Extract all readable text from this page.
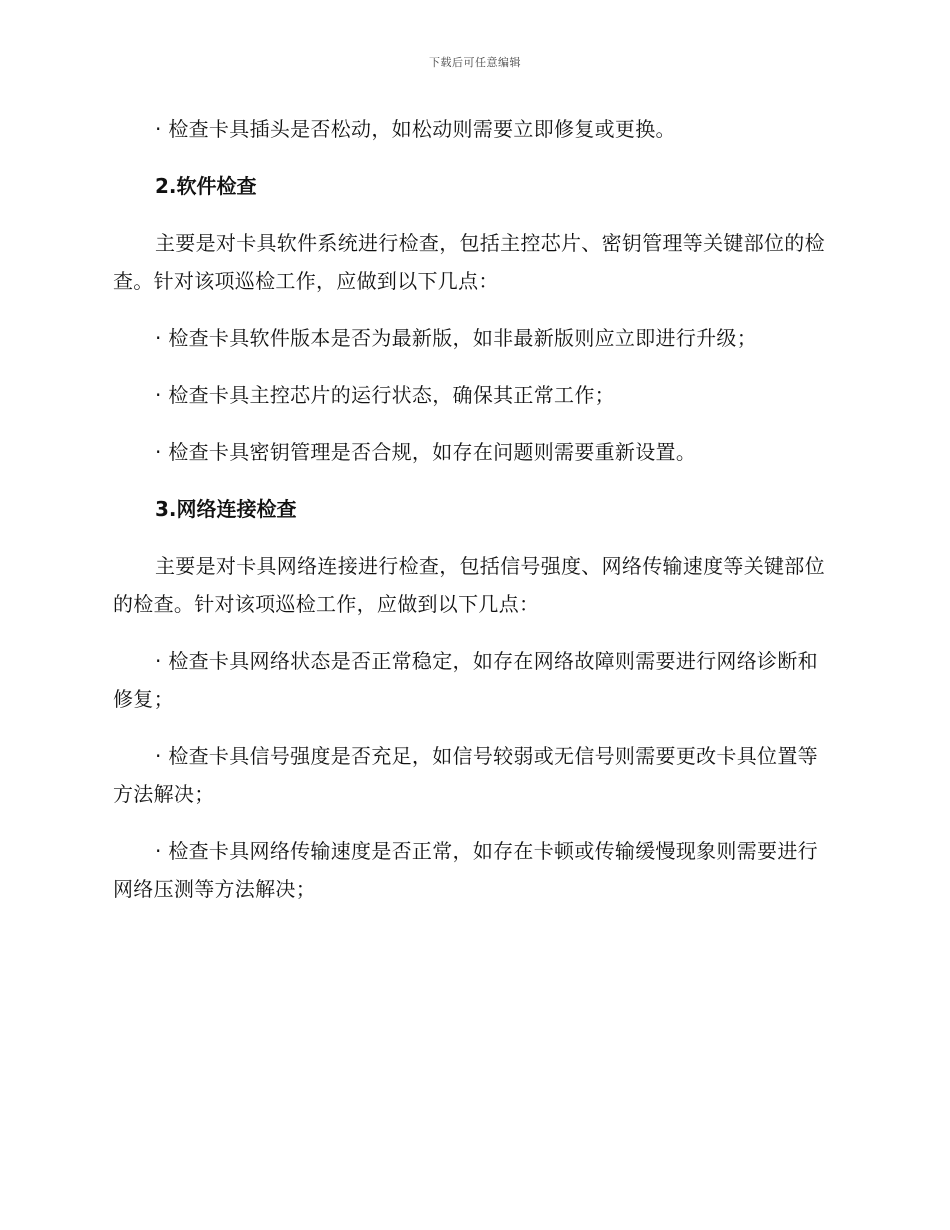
下载后可任意编辑

· 检查卡具插头是否松动，如松动则需要立即修复或更换。

2.软件检查

主要是对卡具软件系统进行检查，包括主控芯片、密钥管理等关键部位的检查。针对该项巡检工作，应做到以下几点：

· 检查卡具软件版本是否为最新版，如非最新版则应立即进行升级；

· 检查卡具主控芯片的运行状态，确保其正常工作；

· 检查卡具密钥管理是否合规，如存在问题则需要重新设置。

3.网络连接检查

主要是对卡具网络连接进行检查，包括信号强度、网络传输速度等关键部位的检查。针对该项巡检工作，应做到以下几点：

· 检查卡具网络状态是否正常稳定，如存在网络故障则需要进行网络诊断和修复；

· 检查卡具信号强度是否充足，如信号较弱或无信号则需要更改卡具位置等方法解决；

· 检查卡具网络传输速度是否正常，如存在卡顿或传输缓慢现象则需要进行网络压测等方法解决；
